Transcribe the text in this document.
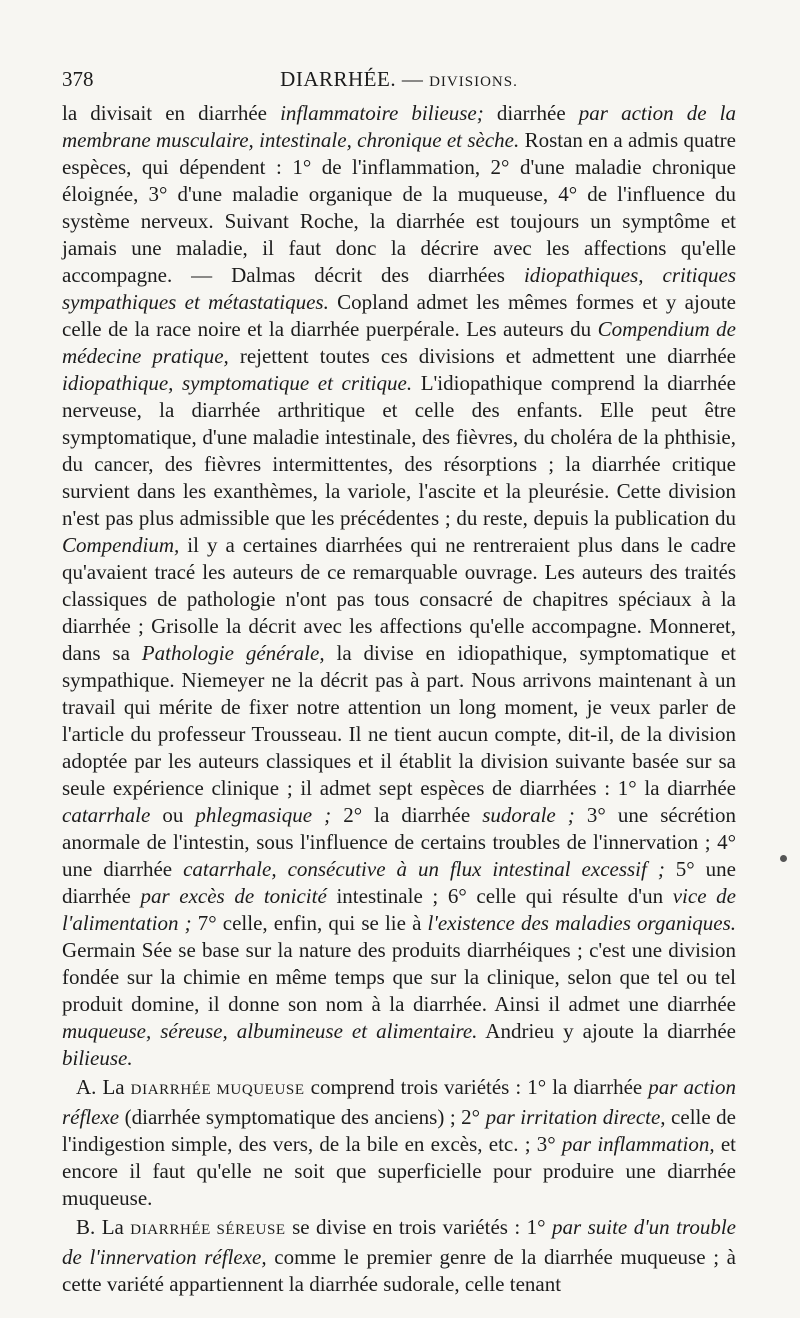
378	DIARRHÉE. — DIVISIONS.

la divisait en diarrhée inflammatoire bilieuse; diarrhée par action de la membrane musculaire, intestinale, chronique et sèche. Rostan en a admis quatre espèces, qui dépendent : 1° de l'inflammation, 2° d'une maladie chronique éloignée, 3° d'une maladie organique de la muqueuse, 4° de l'influence du système nerveux. Suivant Roche, la diarrhée est toujours un symptôme et jamais une maladie, il faut donc la décrire avec les affections qu'elle accompagne. — Dalmas décrit des diarrhées idiopathiques, critiques sympathiques et métastatiques. Copland admet les mêmes formes et y ajoute celle de la race noire et la diarrhée puerpérale. Les auteurs du Compendium de médecine pratique, rejettent toutes ces divisions et admettent une diarrhée idiopathique, symptomatique et critique. L'idiopathique comprend la diarrhée nerveuse, la diarrhée arthritique et celle des enfants. Elle peut être symptomatique, d'une maladie intestinale, des fièvres, du choléra de la phthisie, du cancer, des fièvres intermittentes, des résorptions ; la diarrhée critique survient dans les exanthèmes, la variole, l'ascite et la pleurésie. Cette division n'est pas plus admissible que les précédentes ; du reste, depuis la publication du Compendium, il y a certaines diarrhées qui ne rentreraient plus dans le cadre qu'avaient tracé les auteurs de ce remarquable ouvrage. Les auteurs des traités classiques de pathologie n'ont pas tous consacré de chapitres spéciaux à la diarrhée ; Grisolle la décrit avec les affections qu'elle accompagne. Monneret, dans sa Pathologie générale, la divise en idiopathique, symptomatique et sympathique. Niemeyer ne la décrit pas à part. Nous arrivons maintenant à un travail qui mérite de fixer notre attention un long moment, je veux parler de l'article du professeur Trousseau. Il ne tient aucun compte, dit-il, de la division adoptée par les auteurs classiques et il établit la division suivante basée sur sa seule expérience clinique ; il admet sept espèces de diarrhées : 1° la diarrhée catarrhale ou phlegmasique ; 2° la diarrhée sudorale ; 3° une sécrétion anormale de l'intestin, sous l'influence de certains troubles de l'innervation ; 4° une diarrhée catarrhale, consécutive à un flux intestinal excessif ; 5° une diarrhée par excès de tonicité intestinale ; 6° celle qui résulte d'un vice de l'alimentation ; 7° celle, enfin, qui se lie à l'existence des maladies organiques. Germain Sée se base sur la nature des produits diarrhéiques ; c'est une division fondée sur la chimie en même temps que sur la clinique, selon que tel ou tel produit domine, il donne son nom à la diarrhée. Ainsi il admet une diarrhée muqueuse, séreuse, albumineuse et alimentaire. Andrieu y ajoute la diarrhée bilieuse.

A. La DIARRHÉE MUQUEUSE comprend trois variétés : 1° la diarrhée par action réflexe (diarrhée symptomatique des anciens) ; 2° par irritation directe, celle de l'indigestion simple, des vers, de la bile en excès, etc. ; 3° par inflammation, et encore il faut qu'elle ne soit que superficielle pour produire une diarrhée muqueuse.

B. La DIARRHÉE SÉREUSE se divise en trois variétés : 1° par suite d'un trouble de l'innervation réflexe, comme le premier genre de la diarrhée muqueuse ; à cette variété appartiennent la diarrhée sudorale, celle tenant
